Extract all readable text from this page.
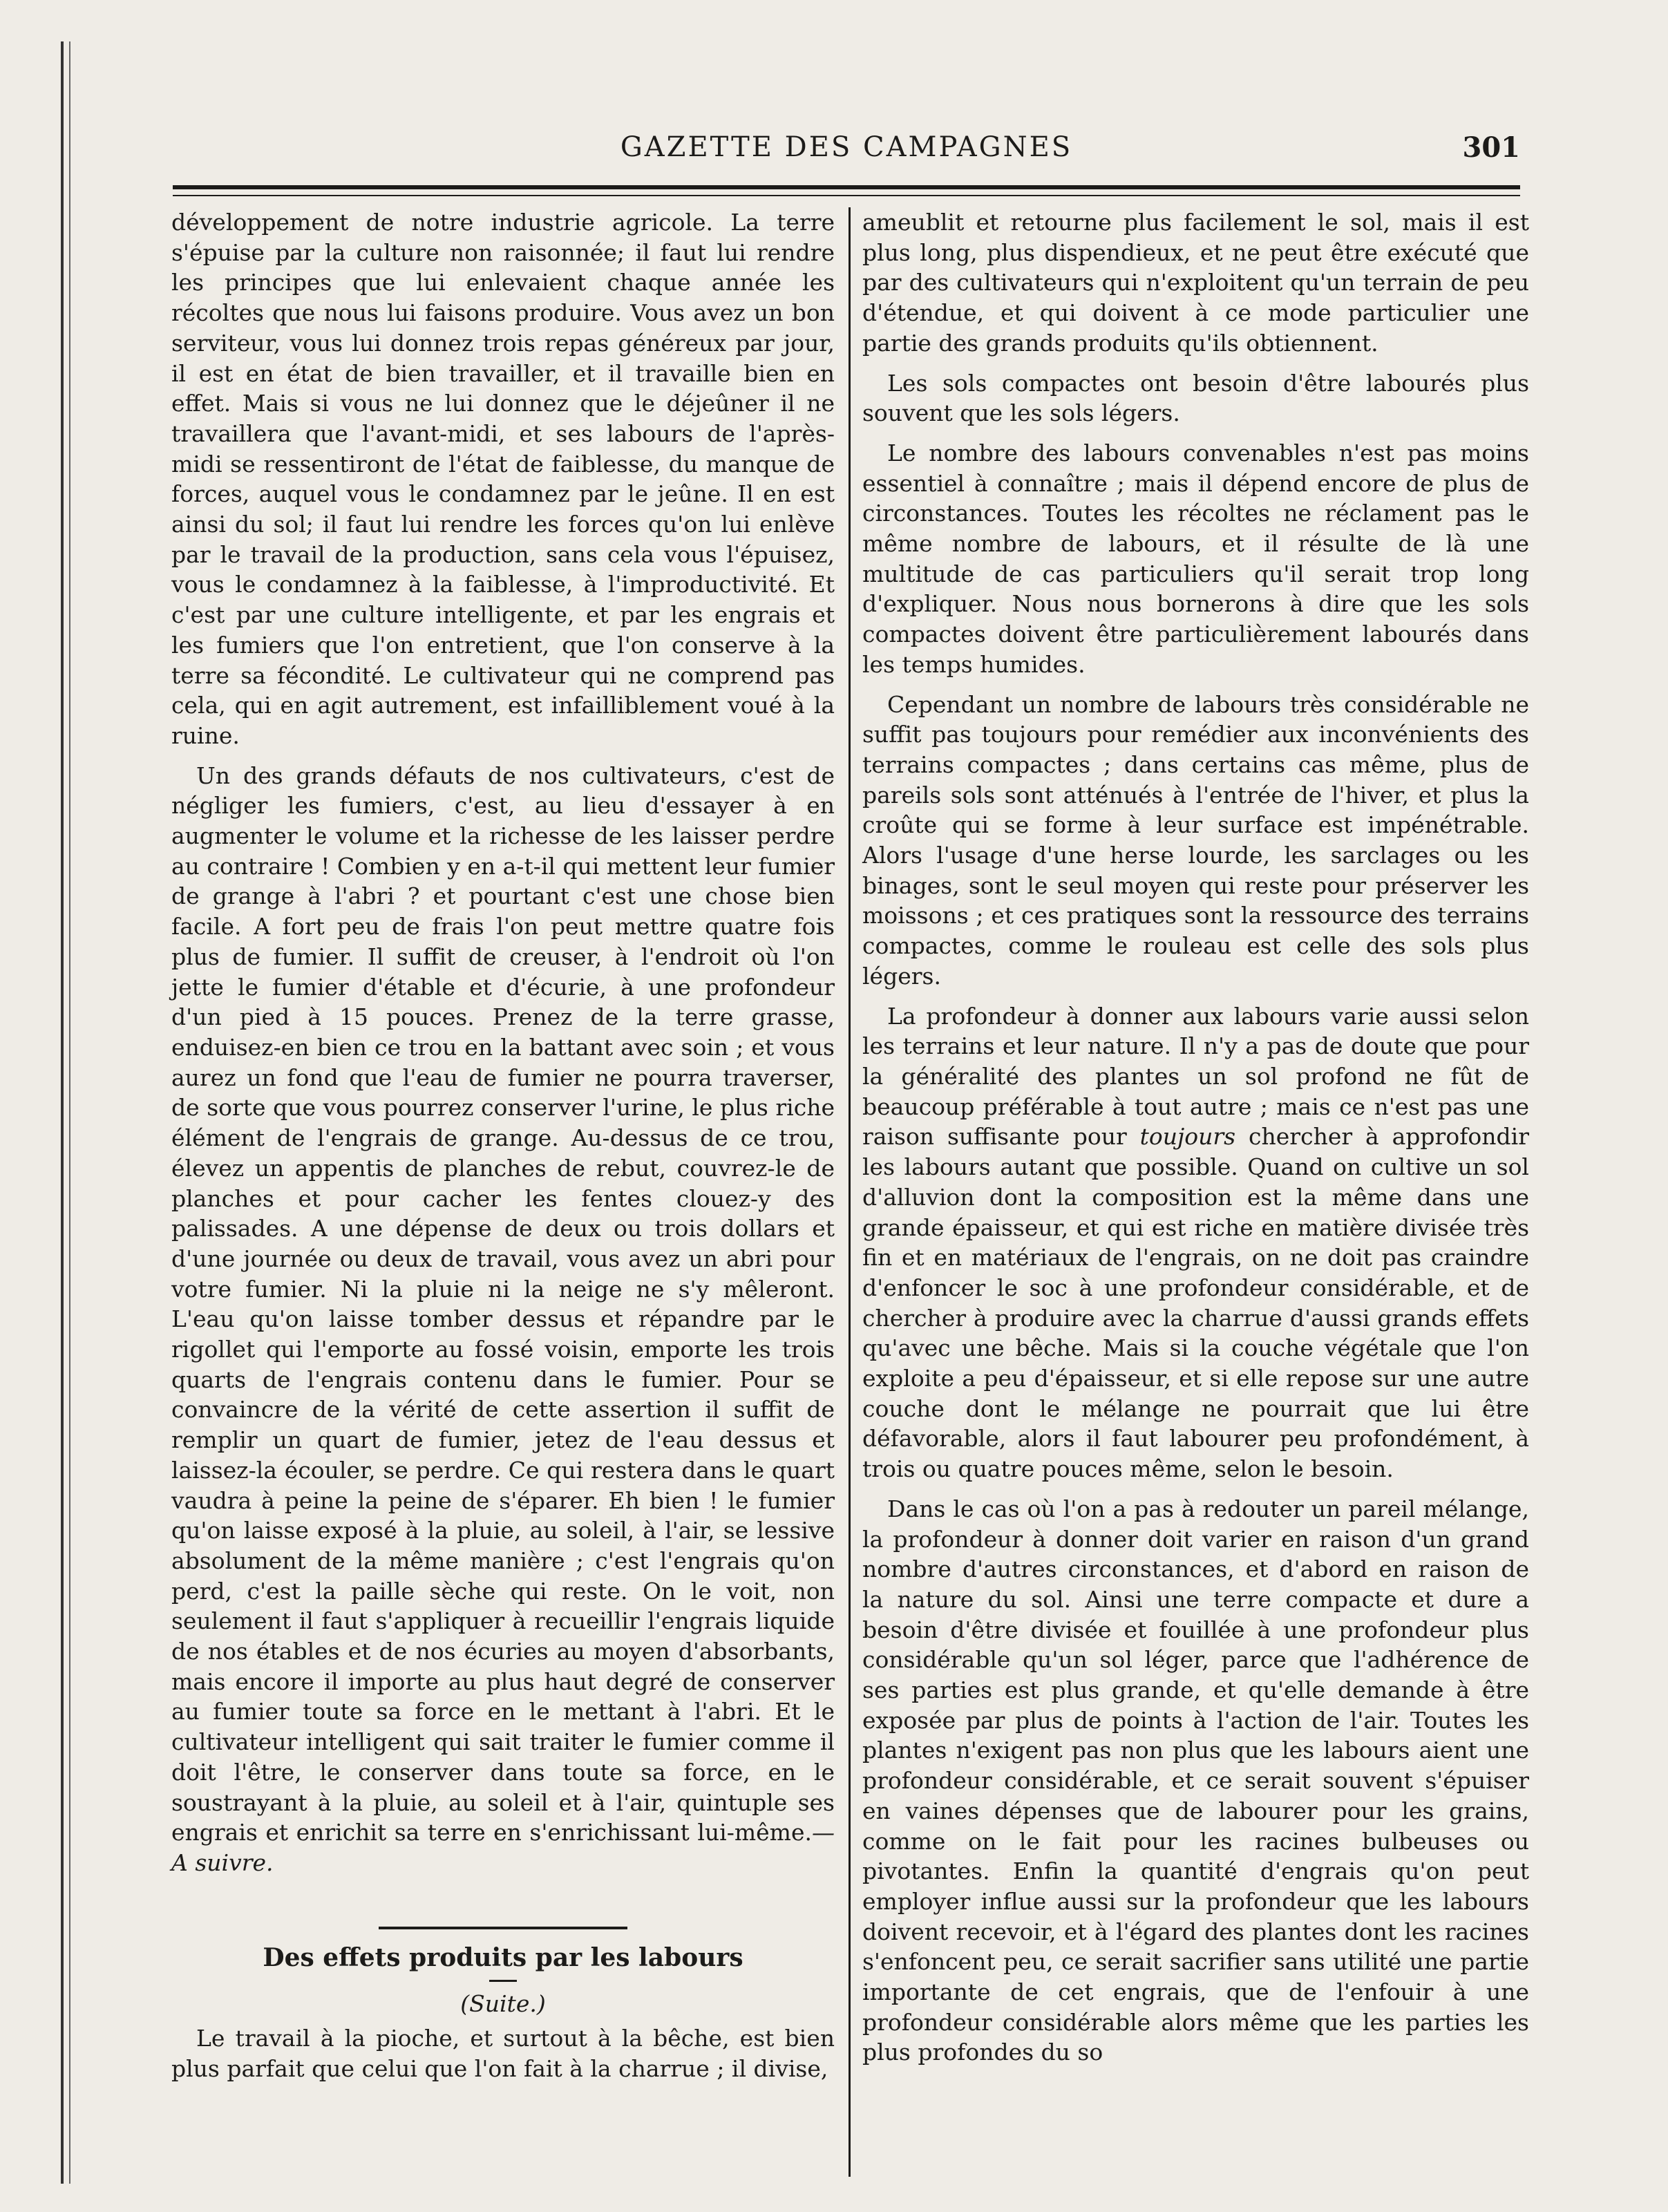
GAZETTE DES CAMPAGNES	301

développement de notre industrie agricole. La terre s'épuise par la culture non raisonnée; il faut lui rendre les principes que lui enlevaient chaque année les récoltes que nous lui faisons produire. Vous avez un bon serviteur, vous lui donnez trois repas généreux par jour, il est en état de bien travailler, et il travaille bien en effet. Mais si vous ne lui donnez que le déjeûner il ne travaillera que l'avant-midi, et ses labours de l'après-midi se ressentiront de l'état de faiblesse, du manque de forces, auquel vous le condamnez par le jeûne. Il en est ainsi du sol; il faut lui rendre les forces qu'on lui enlève par le travail de la production, sans cela vous l'épuisez, vous le condamnez à la faiblesse, à l'improductivité. Et c'est par une culture intelligente, et par les engrais et les fumiers que l'on entretient, que l'on conserve à la terre sa fécondité. Le cultivateur qui ne comprend pas cela, qui en agit autrement, est infailliblement voué à la ruine.

Un des grands défauts de nos cultivateurs, c'est de négliger les fumiers, c'est, au lieu d'essayer à en augmenter le volume et la richesse de les laisser perdre au contraire ! Combien y en a-t-il qui mettent leur fumier de grange à l'abri ? et pourtant c'est une chose bien facile. A fort peu de frais l'on peut mettre quatre fois plus de fumier. Il suffit de creuser, à l'endroit où l'on jette le fumier d'étable et d'écurie, à une profondeur d'un pied à 15 pouces. Prenez de la terre grasse, enduisez-en bien ce trou en la battant avec soin ; et vous aurez un fond que l'eau de fumier ne pourra traverser, de sorte que vous pourrez conserver l'urine, le plus riche élément de l'engrais de grange. Au-dessus de ce trou, élevez un appentis de planches de rebut, couvrez-le de planches et pour cacher les fentes clouez-y des palissades. A une dépense de deux ou trois dollars et d'une journée ou deux de travail, vous avez un abri pour votre fumier. Ni la pluie ni la neige ne s'y mêleront. L'eau qu'on laisse tomber dessus et répandre par le rigollet qui l'emporte au fossé voisin, emporte les trois quarts de l'engrais contenu dans le fumier. Pour se convaincre de la vérité de cette assertion il suffit de remplir un quart de fumier, jetez de l'eau dessus et laissez-la écouler, se perdre. Ce qui restera dans le quart vaudra à peine la peine de s'éparer. Eh bien ! le fumier qu'on laisse exposé à la pluie, au soleil, à l'air, se lessive absolument de la même manière ; c'est l'engrais qu'on perd, c'est la paille sèche qui reste. On le voit, non seulement il faut s'appliquer à recueillir l'engrais liquide de nos étables et de nos écuries au moyen d'absorbants, mais encore il importe au plus haut degré de conserver au fumier toute sa force en le mettant à l'abri. Et le cultivateur intelligent qui sait traiter le fumier comme il doit l'être, le conserver dans toute sa force, en le soustrayant à la pluie, au soleil et à l'air, quintuple ses engrais et enrichit sa terre en s'enrichissant lui-même.—A suivre.

Des effets produits par les labours
(Suite.)

Le travail à la pioche, et surtout à la bêche, est bien plus parfait que celui que l'on fait à la charrue ; il divise,

ameublit et retourne plus facilement le sol, mais il est plus long, plus dispendieux, et ne peut être exécuté que par des cultivateurs qui n'exploitent qu'un terrain de peu d'étendue, et qui doivent à ce mode particulier une partie des grands produits qu'ils obtiennent.

Les sols compactes ont besoin d'être labourés plus souvent que les sols légers.

Le nombre des labours convenables n'est pas moins essentiel à connaître ; mais il dépend encore de plus de circonstances. Toutes les récoltes ne réclament pas le même nombre de labours, et il résulte de là une multitude de cas particuliers qu'il serait trop long d'expliquer. Nous nous bornerons à dire que les sols compactes doivent être particulièrement labourés dans les temps humides.

Cependant un nombre de labours très considérable ne suffit pas toujours pour remédier aux inconvénients des terrains compactes ; dans certains cas même, plus de pareils sols sont atténués à l'entrée de l'hiver, et plus la croûte qui se forme à leur surface est impénétrable. Alors l'usage d'une herse lourde, les sarclages ou les binages, sont le seul moyen qui reste pour préserver les moissons ; et ces pratiques sont la ressource des terrains compactes, comme le rouleau est celle des sols plus légers.

La profondeur à donner aux labours varie aussi selon les terrains et leur nature. Il n'y a pas de doute que pour la généralité des plantes un sol profond ne fût de beaucoup préférable à tout autre ; mais ce n'est pas une raison suffisante pour toujours chercher à approfondir les labours autant que possible. Quand on cultive un sol d'alluvion dont la composition est la même dans une grande épaisseur, et qui est riche en matière divisée très fin et en matériaux de l'engrais, on ne doit pas craindre d'enfoncer le soc à une profondeur considérable, et de chercher à produire avec la charrue d'aussi grands effets qu'avec une bêche. Mais si la couche végétale que l'on exploite a peu d'épaisseur, et si elle repose sur une autre couche dont le mélange ne pourrait que lui être défavorable, alors il faut labourer peu profondément, à trois ou quatre pouces même, selon le besoin.

Dans le cas où l'on a pas à redouter un pareil mélange, la profondeur à donner doit varier en raison d'un grand nombre d'autres circonstances, et d'abord en raison de la nature du sol. Ainsi une terre compacte et dure a besoin d'être divisée et fouillée à une profondeur plus considérable qu'un sol léger, parce que l'adhérence de ses parties est plus grande, et qu'elle demande à être exposée par plus de points à l'action de l'air. Toutes les plantes n'exigent pas non plus que les labours aient une profondeur considérable, et ce serait souvent s'épuiser en vaines dépenses que de labourer pour les grains, comme on le fait pour les racines bulbeuses ou pivotantes. Enfin la quantité d'engrais qu'on peut employer influe aussi sur la profondeur que les labours doivent recevoir, et à l'égard des plantes dont les racines s'enfoncent peu, ce serait sacrifier sans utilité une partie importante de cet engrais, que de l'enfouir à une profondeur considérable alors même que les parties les plus profondes du so
